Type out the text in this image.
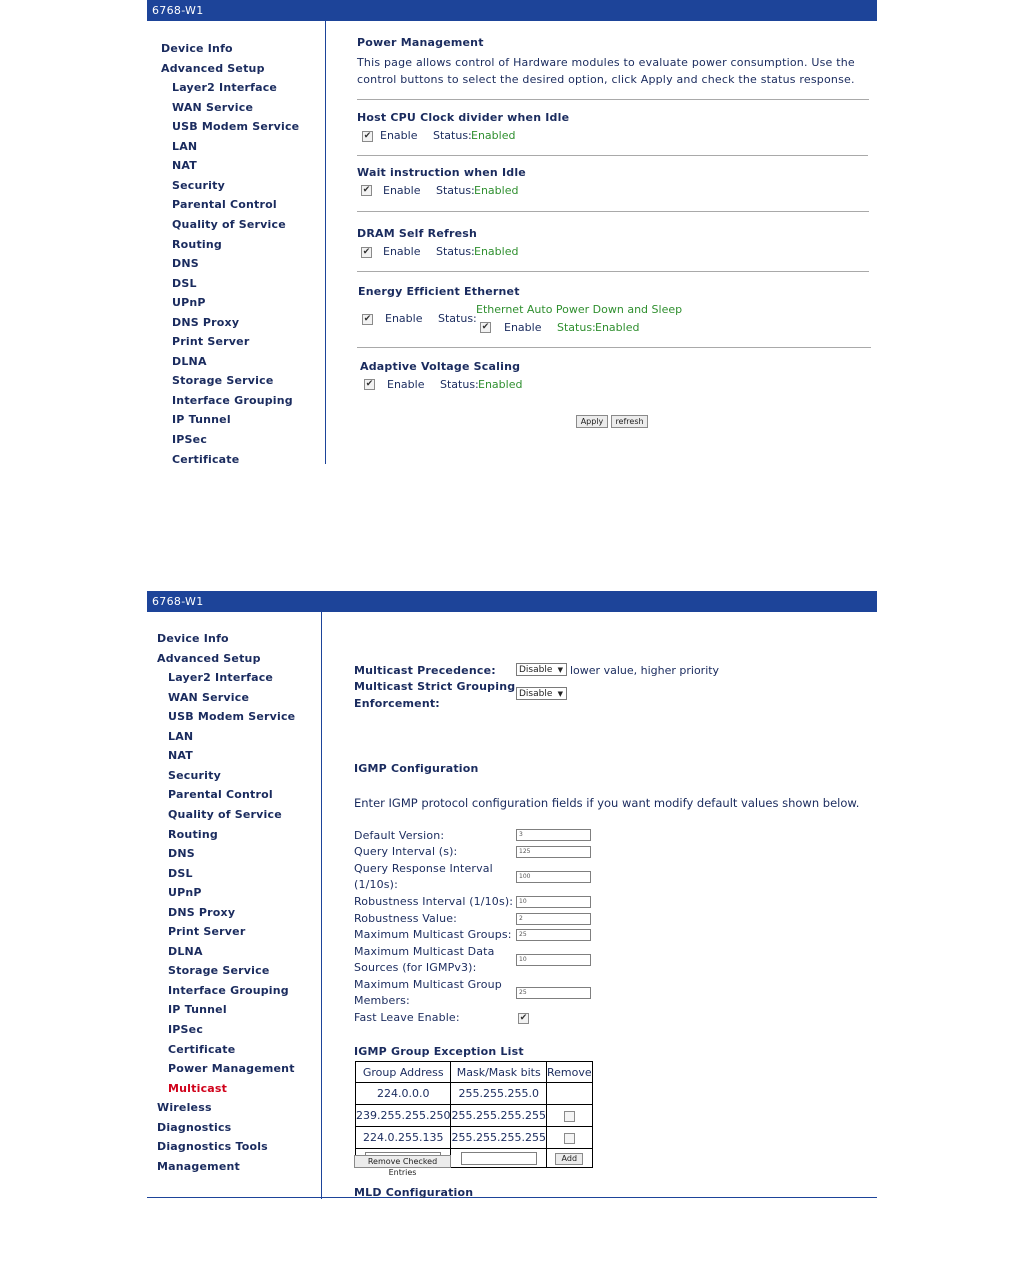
6768-W1
Device Info
Advanced Setup
Layer2 Interface
WAN Service
USB Modem Service
LAN
NAT
Security
Parental Control
Quality of Service
Routing
DNS
DSL
UPnP
DNS Proxy
Print Server
DLNA
Storage Service
Interface Grouping
IP Tunnel
IPSec
Certificate
Power Management
This page allows control of Hardware modules to evaluate power consumption. Use the control buttons to select the desired option, click Apply and check the status response.
Host CPU Clock divider when Idle
✔ Enable Status: Enabled
Wait instruction when Idle
✔ Enable Status: Enabled
DRAM Self Refresh
✔ Enable Status: Enabled
Energy Efficient Ethernet
✔ Enable Status:
Ethernet Auto Power Down and Sleep
✔ Enable Status: Enabled
Adaptive Voltage Scaling
✔ Enable Status: Enabled
Apply	refresh
6768-W1
Device Info
Advanced Setup
Layer2 Interface
WAN Service
USB Modem Service
LAN
NAT
Security
Parental Control
Quality of Service
Routing
DNS
DSL
UPnP
DNS Proxy
Print Server
DLNA
Storage Service
Interface Grouping
IP Tunnel
IPSec
Certificate
Power Management
Multicast
Wireless
Diagnostics
Diagnostics Tools
Management
Multicast Precedence:	Disable ▼ lower value, higher priority
Multicast Strict Grouping
Enforcement:
Disable ▼
IGMP Configuration
Enter IGMP protocol configuration fields if you want modify default values shown below.
Default Version:	3
Query Interval (s):	125
Query Response Interval (1/10s):
100
Robustness Interval (1/10s): 10
Robustness Value:	2
Maximum Multicast Groups:	25
Maximum Multicast Data Sources (for IGMPv3):
10
Maximum Multicast Group Members:
25
Fast Leave Enable:	✔
IGMP Group Exception List
Group Address	Mask/Mask bits	Remove
224.0.0.0	255.255.255.0	
239.255.255.250	255.255.255.255	
224.0.255.135	255.255.255.255	
		Add
Remove Checked Entries
MLD Configuration
